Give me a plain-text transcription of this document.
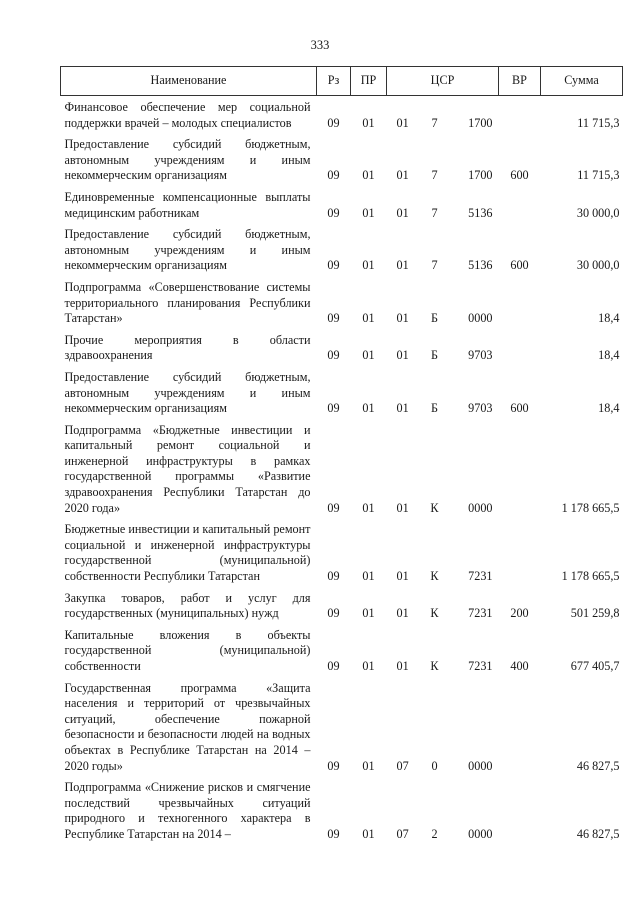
333
Наименование	Рз	ПР	ЦСР	ВР	Сумма
Финансовое обеспечение мер социальной поддержки врачей – молодых специалистов	09	01	01 7 1700		11 715,3
Предоставление субсидий бюджетным, автономным учреждениям и иным некоммерческим организациям	09	01	01 7 1700	600	11 715,3
Единовременные компенсационные выплаты медицинским работникам	09	01	01 7 5136		30 000,0
Предоставление субсидий бюджетным, автономным учреждениям и иным некоммерческим организациям	09	01	01 7 5136	600	30 000,0
Подпрограмма «Совершенствование системы территориального планирования Республики Татарстан»	09	01	01 Б 0000		18,4
Прочие мероприятия в области здравоохранения	09	01	01 Б 9703		18,4
Предоставление субсидий бюджетным, автономным учреждениям и иным некоммерческим организациям	09	01	01 Б 9703	600	18,4
Подпрограмма «Бюджетные инвестиции и капитальный ремонт социальной и инженерной инфраструктуры в рамках государственной программы «Развитие здравоохранения Республики Татарстан до 2020 года»	09	01	01 К 0000		1 178 665,5
Бюджетные инвестиции и капитальный ремонт социальной и инженерной инфраструктуры государственной (муниципальной) собственности Республики Татарстан	09	01	01 К 7231		1 178 665,5
Закупка товаров, работ и услуг для государственных (муниципальных) нужд	09	01	01 К 7231	200	501 259,8
Капитальные вложения в объекты государственной (муниципальной) собственности	09	01	01 К 7231	400	677 405,7
Государственная программа «Защита населения и территорий от чрезвычайных ситуаций, обеспечение пожарной безопасности и безопасности людей на водных объектах в Республике Татарстан на 2014 – 2020 годы»	09	01	07 0 0000		46 827,5
Подпрограмма «Снижение рисков и смягчение последствий чрезвычайных ситуаций природного и техногенного характера в Республике Татарстан на 2014 –	09	01	07 2 0000		46 827,5
